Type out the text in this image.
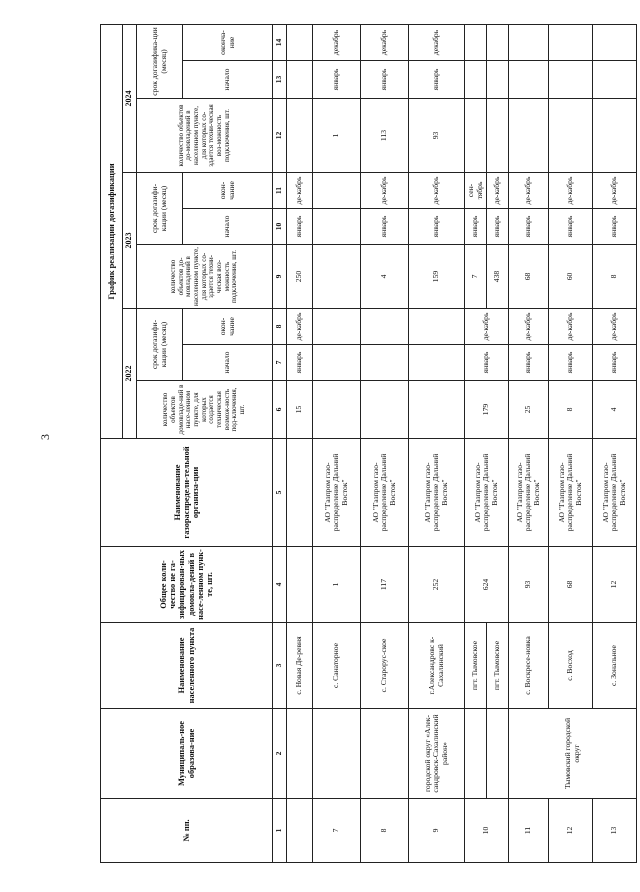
3
№ пп.	Муниципаль-ное образова-ние	Наименование населенного пункта	Общее коли-чество не га-зифицирован-ных домовла-дений в насе-ленном пунк-те, шт.	Наименование газораспредели-тельной организа-ции	График реализации догазификации								
					2022			2023			2024		
					количество объектов домовладе-ний в насе-ленном пункте, для которых создается техническая возмож-ность под-ключения, шт.	срок догазифи-кации (месяц)		количество объектов до-мовладений в населенном пункте, для которых со-здается техни-ческая воз-можность подключения, шт.	срок догазифи-кации (месяц)		количество объектов до-мовладений в населенном пункте, для которых со-здается техни-ческая воз-можность подключения, шт.	срок догазифика-ции (месяц)	
						начало	окон-чание		начало	окон-чание		начало	оконча-ние
1	2	3	4	5	6	7	8	9	10	11	12	13	14
		с. Новая Де-ревня			15	январь	де-кабрь	250	январь	де-кабрь			
7		с. Санаторное	1	АО "Газпром газо-распределение Дальний Восток"							1	январь	декабрь
8		с. Старорус-ское	117	АО "Газпром газо-распределение Дальний Восток"				4	январь	де-кабрь	113	январь	декабрь
9	городской округ «Алек-сандровск-Сахалинский район»	г.Александровс к-Сахалинский	252	АО "Газпром газо-распределение Дальний Восток"				159	январь	де-кабрь	93	январь	декабрь
10		пгт. Тымовское	624	АО "Газпром газо-распределение Дальний Восток"	179	январь	де-кабрь	7	январь	сен-тябрь			
		пгт. Тымовское						438	январь	де-кабрь			
11	Тымовский городской округ	с. Воскресе-новка	93	АО "Газпром газо-распределение Дальний Восток"	25	январь	де-кабрь	68	январь	де-кабрь			
12		с. Восход	68	АО "Газпром газо-распределение Дальний Восток"	8	январь	де-кабрь	60	январь	де-кабрь			
13		с. Зональное	12	АО "Газпром газо-распределение Дальний Восток"	4	январь	де-кабрь	8	январь	де-кабрь			
